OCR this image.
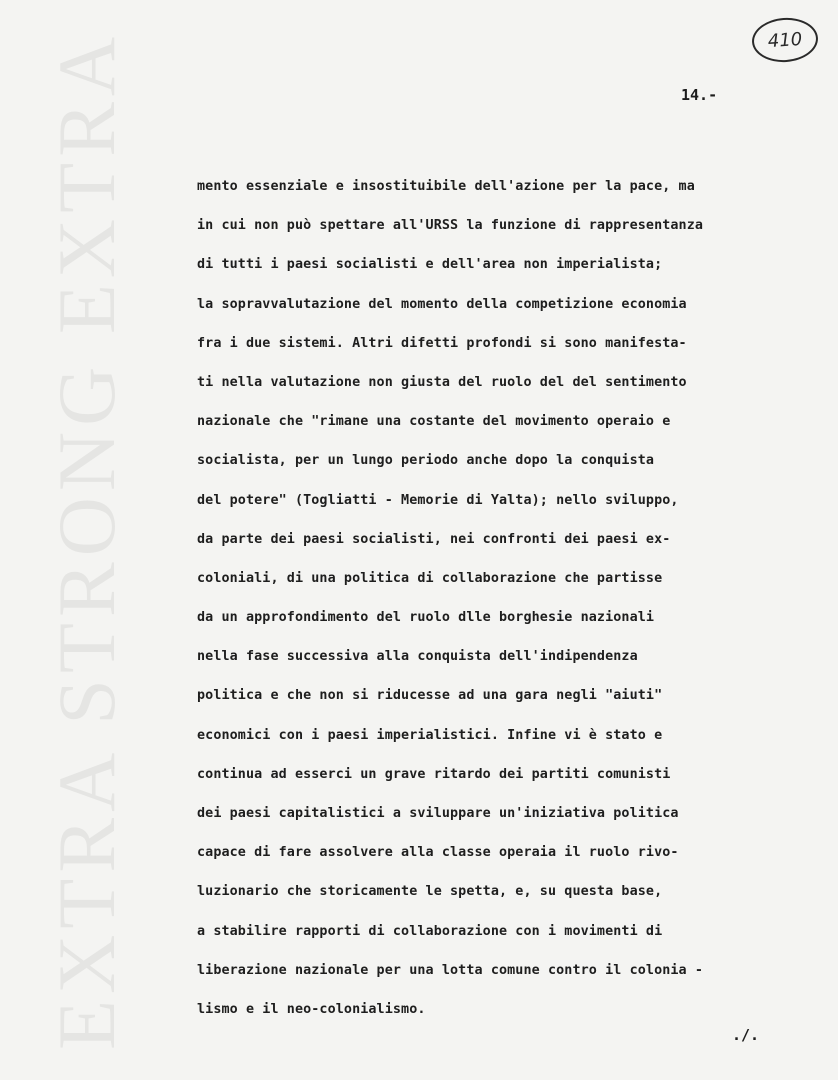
EXTRA STRONG EXTRA	410
14.-
mento essenziale e insostituibile dell'azione per la pace, ma
in cui non può spettare all'URSS la funzione di rappresentanza
di tutti i paesi socialisti e dell'area non imperialista;
la sopravvalutazione del momento della competizione economia
fra i due sistemi. Altri difetti profondi si sono manifesta-
ti nella valutazione non giusta del ruolo del del sentimento
nazionale che "rimane una costante del movimento operaio e
socialista, per un lungo periodo anche dopo la conquista
del potere" (Togliatti - Memorie di Yalta); nello sviluppo,
da parte dei paesi socialisti, nei confronti dei paesi ex-
coloniali, di una politica di collaborazione che partisse
da un approfondimento del ruolo dlle borghesie nazionali
nella fase successiva alla conquista dell'indipendenza
politica e che non si riducesse ad una gara negli "aiuti"
economici con i paesi imperialistici. Infine vi è stato e
continua ad esserci un grave ritardo dei partiti comunisti
dei paesi capitalistici a sviluppare un'iniziativa politica
capace di fare assolvere alla classe operaia il ruolo rivo-
luzionario che storicamente le spetta, e, su questa base,
a stabilire rapporti di collaborazione con i movimenti di
liberazione nazionale per una lotta comune contro il colonia -
lismo e il neo-colonialismo.
./.
